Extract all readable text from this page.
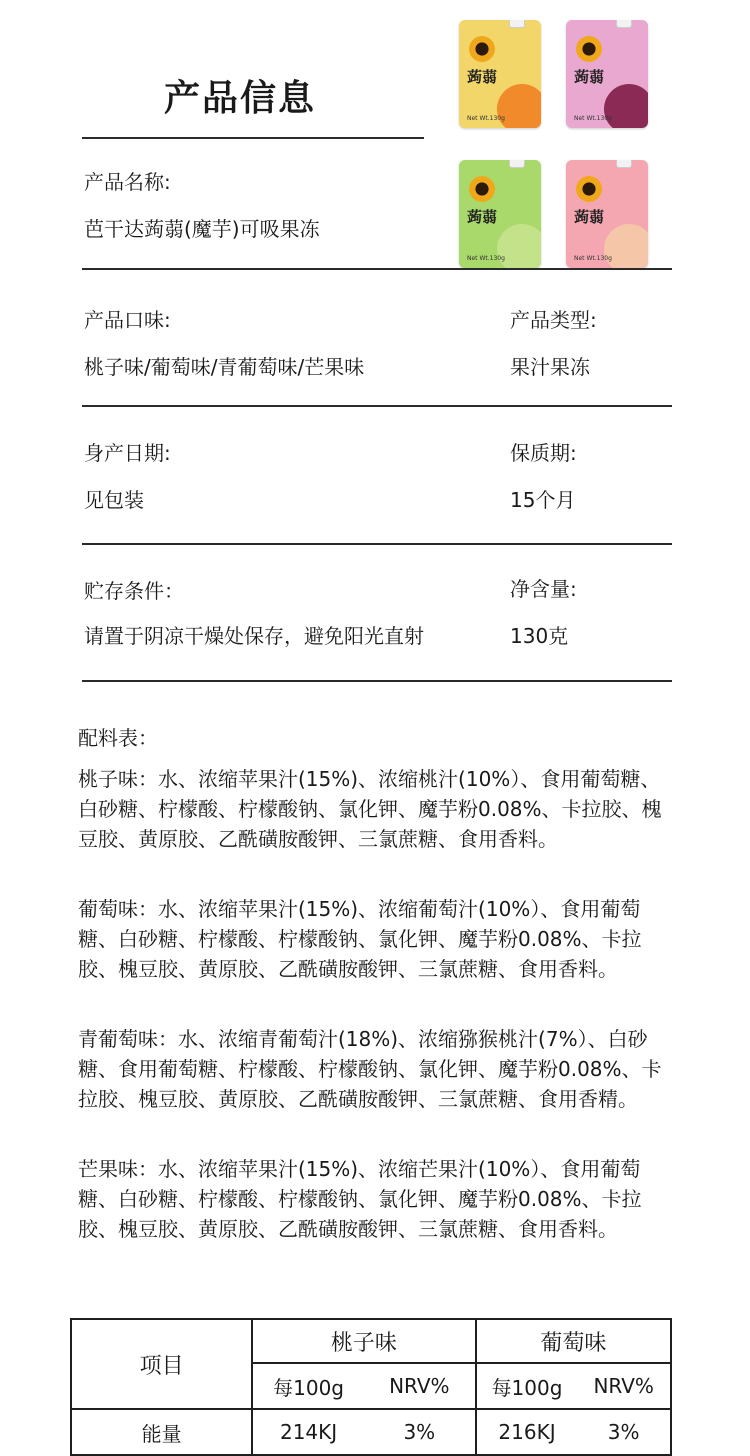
产品信息
蒟蒻
Net Wt.130g
蒟蒻
Net Wt.130g
蒟蒻
Net Wt.130g
蒟蒻
Net Wt.130g
产品名称:
芭干达蒟蒻(魔芋)可吸果冻
产品口味:
桃子味/葡萄味/青葡萄味/芒果味
产品类型:
果汁果冻
身产日期:
见包装
保质期:
15个月
贮存条件：
请置于阴凉干燥处保存，避免阳光直射
净含量:
130克
配料表：
桃子味：水、浓缩苹果汁(15%)、浓缩桃汁(10%）、食用葡萄糖、白砂糖、柠檬酸、柠檬酸钠、氯化钾、魔芋粉0.08%、卡拉胶、槐豆胶、黄原胶、乙酰磺胺酸钾、三氯蔗糖、食用香料。
葡萄味：水、浓缩苹果汁(15%)、浓缩葡萄汁(10%）、食用葡萄糖、白砂糖、柠檬酸、柠檬酸钠、氯化钾、魔芋粉0.08%、卡拉胶、槐豆胶、黄原胶、乙酰磺胺酸钾、三氯蔗糖、食用香料。
青葡萄味：水、浓缩青葡萄汁(18%)、浓缩猕猴桃汁(7%）、白砂糖、食用葡萄糖、柠檬酸、柠檬酸钠、氯化钾、魔芋粉0.08%、卡拉胶、槐豆胶、黄原胶、乙酰磺胺酸钾、三氯蔗糖、食用香精。
芒果味：水、浓缩苹果汁(15%)、浓缩芒果汁(10%）、食用葡萄糖、白砂糖、柠檬酸、柠檬酸钠、氯化钾、魔芋粉0.08%、卡拉胶、槐豆胶、黄原胶、乙酰磺胺酸钾、三氯蔗糖、食用香料。
项目	桃子味		葡萄味	
	每100g	NRV%	每100g	NRV%
能量	214KJ	3%	216KJ	3%
